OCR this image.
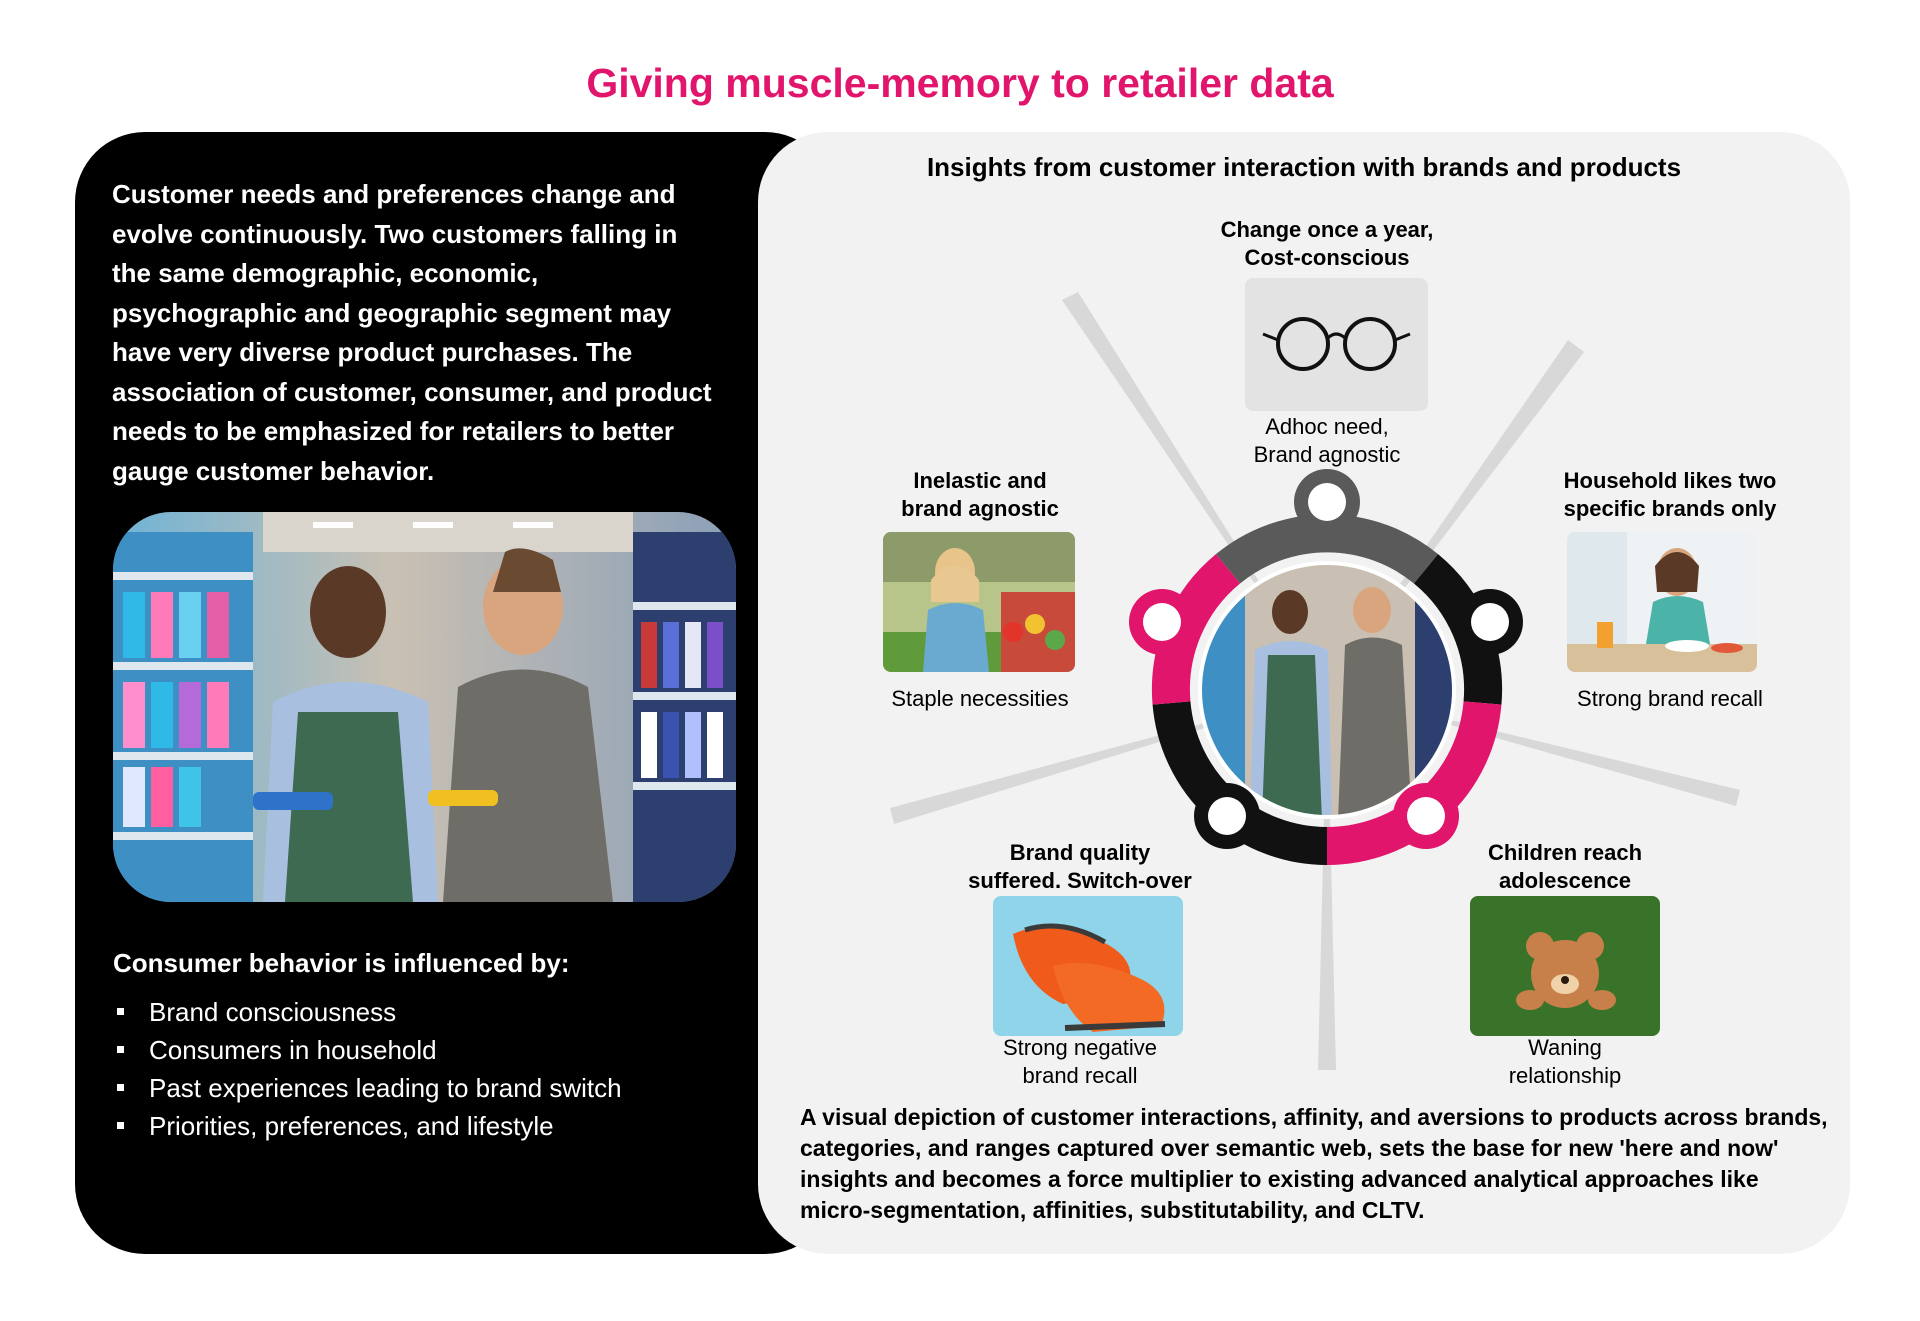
Giving muscle-memory to retailer data
Customer needs and preferences change and evolve continuously. Two customers falling in the same demographic, economic, psychographic and geographic segment may have very diverse product purchases. The association of customer, consumer, and product needs to be emphasized for retailers to better gauge customer behavior.
Consumer behavior is influenced by:
Brand consciousness
Consumers in household
Past experiences leading to brand switch
Priorities, preferences, and lifestyle
Insights from customer interaction with brands and products
Change once a year,
Cost-conscious
Adhoc need,
Brand agnostic
Inelastic and
brand agnostic
Staple necessities
Household likes two
specific brands only
Strong brand recall
Brand quality
suffered. Switch-over
Strong negative
brand recall
Children reach
adolescence
Waning
relationship
A visual depiction of customer interactions, affinity, and aversions to products across brands, categories, and ranges captured over semantic web, sets the base for new 'here and now' insights and becomes a force multiplier to existing advanced analytical approaches like micro-segmentation, affinities, substitutability, and CLTV.
